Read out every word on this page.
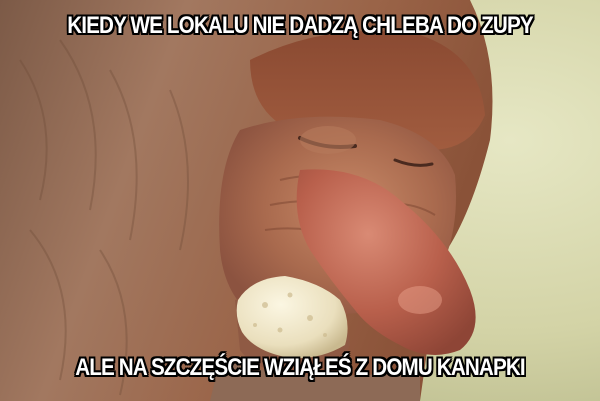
KIEDY WE LOKALU NIE DADZĄ CHLEBA DO ZUPY
ALE NA SZCZĘŚCIE WZIĄŁEŚ Z DOMU KANAPKI
